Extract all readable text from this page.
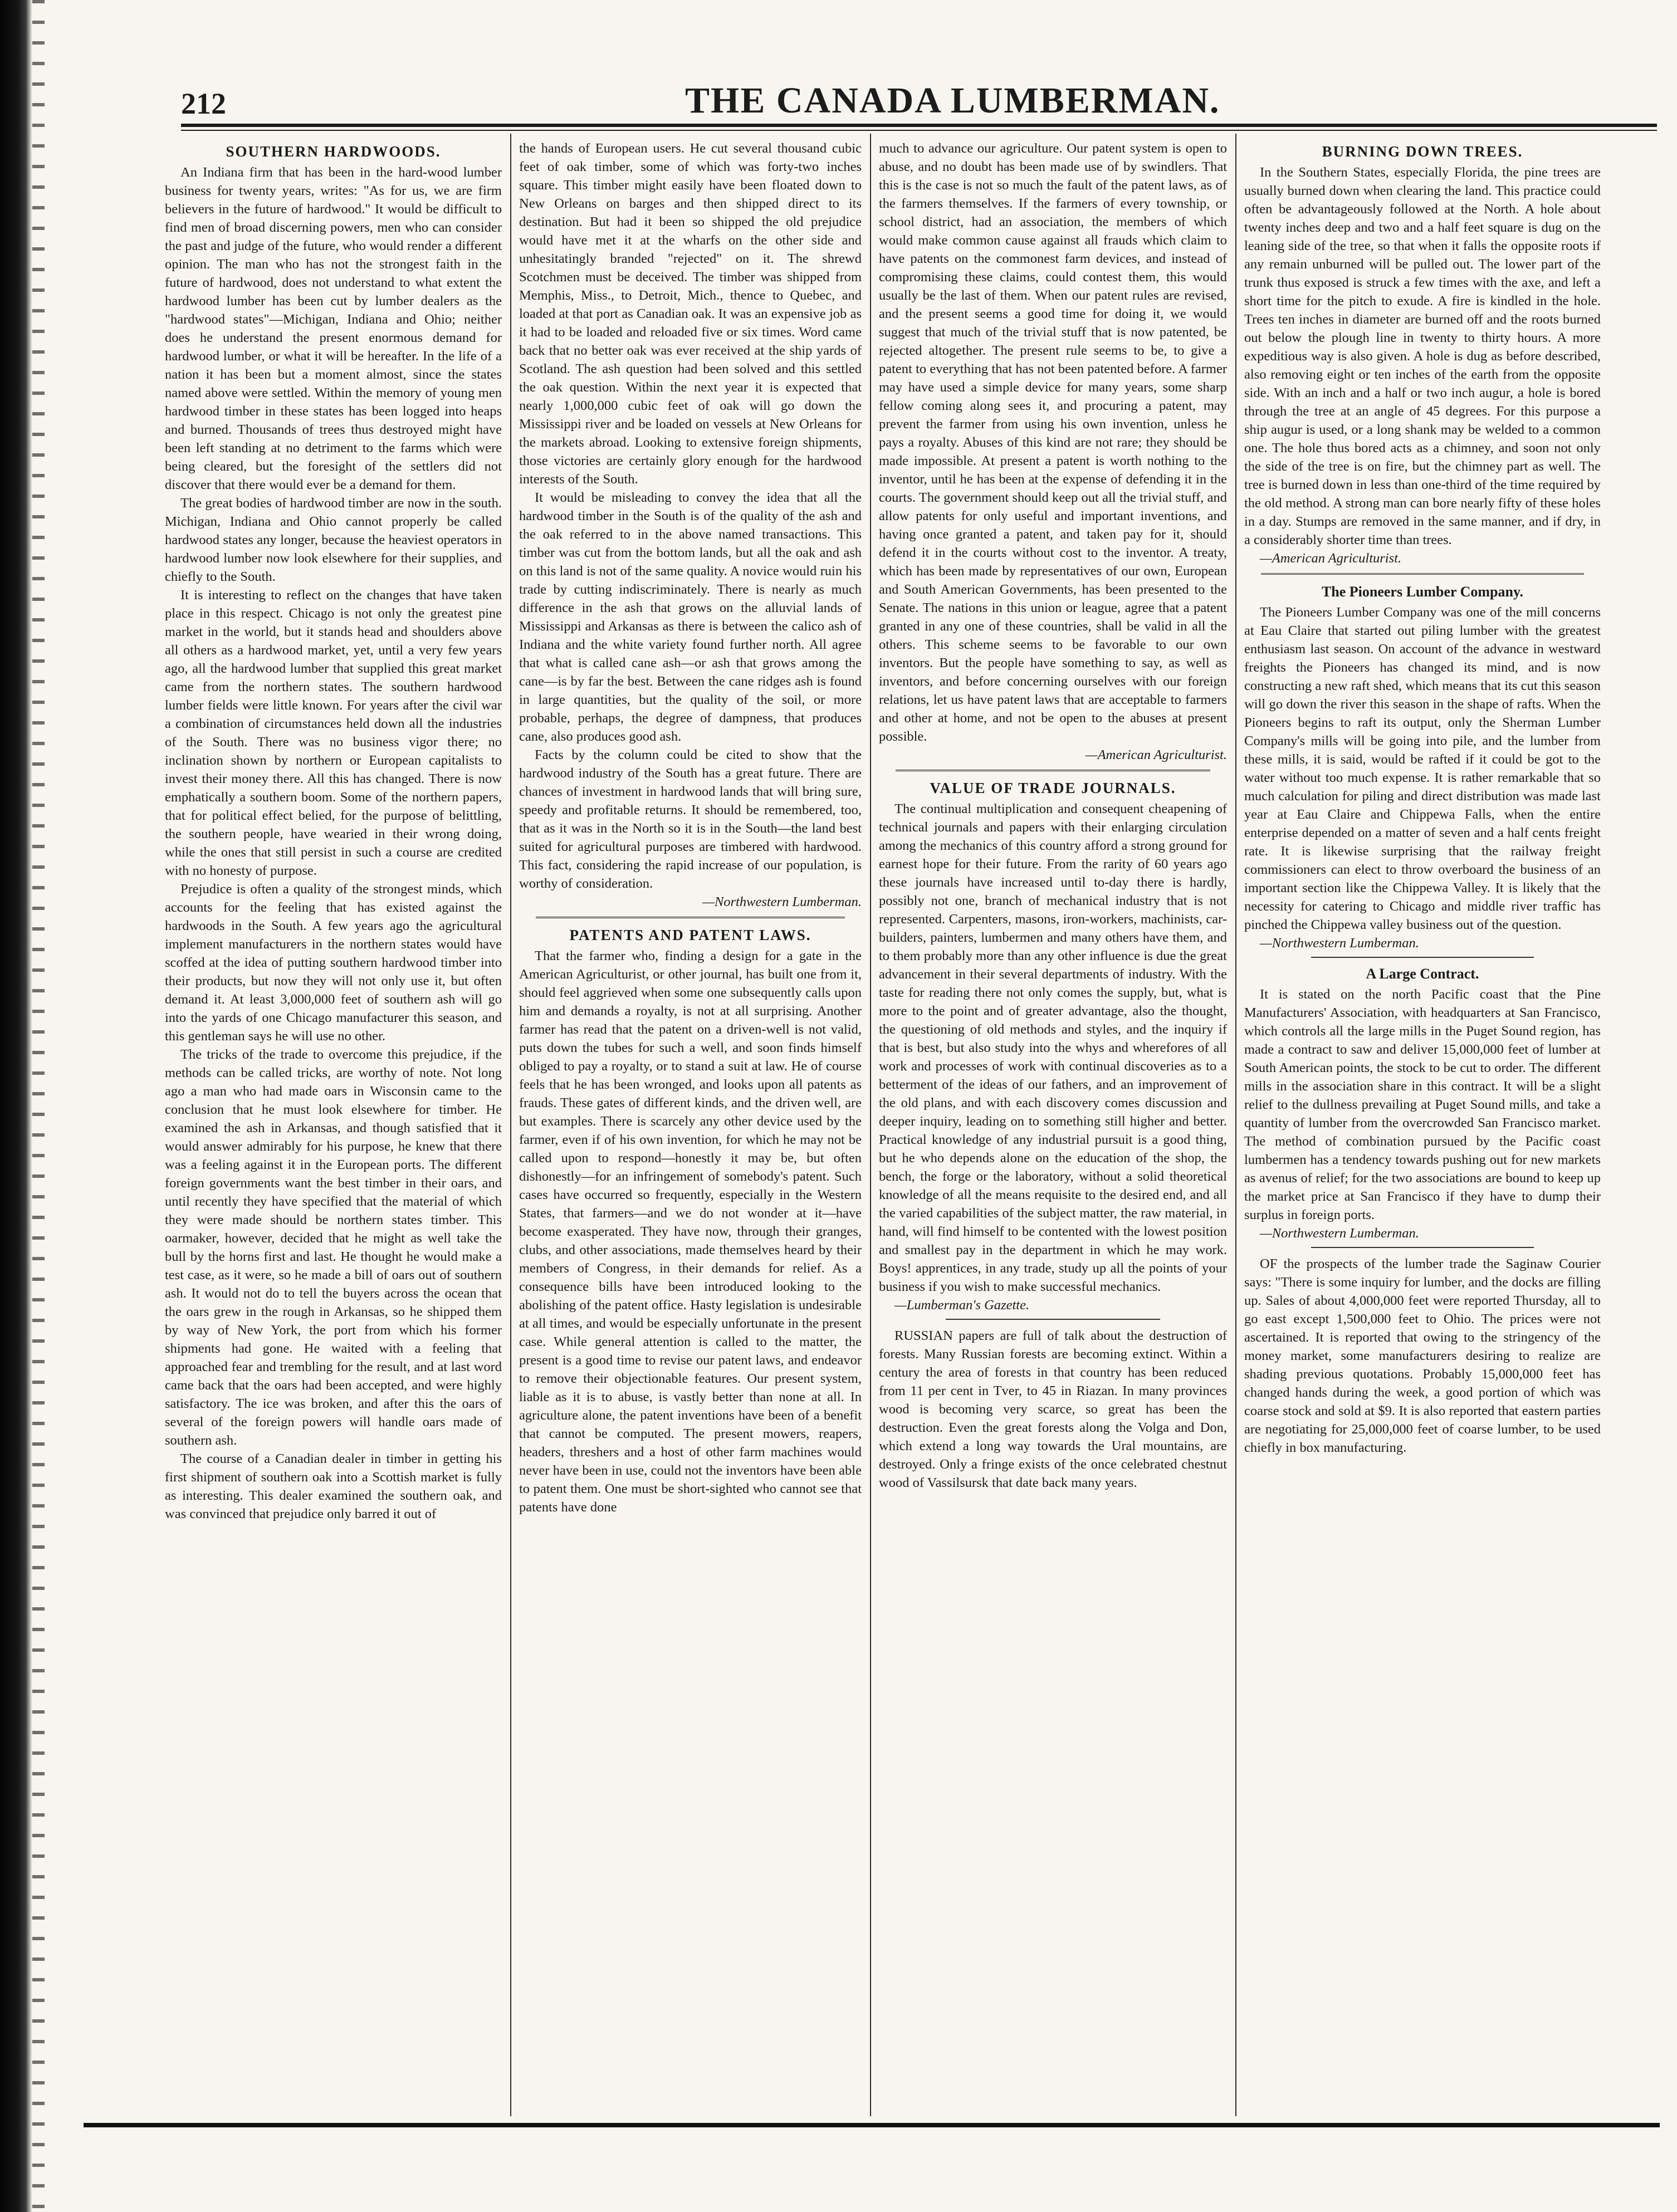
212	THE CANADA LUMBERMAN.
SOUTHERN HARDWOODS.

An Indiana firm that has been in the hard-wood lumber business for twenty years, writes: "As for us, we are firm believers in the future of hardwood." It would be difficult to find men of broad discerning powers, men who can consider the past and judge of the future, who would render a different opinion. The man who has not the strongest faith in the future of hardwood, does not understand to what extent the hardwood lumber has been cut by lumber dealers as the "hardwood states"—Michigan, Indiana and Ohio; neither does he understand the present enormous demand for hardwood lumber, or what it will be hereafter. In the life of a nation it has been but a moment almost, since the states named above were settled. Within the memory of young men hardwood timber in these states has been logged into heaps and burned. Thousands of trees thus destroyed might have been left standing at no detriment to the farms which were being cleared, but the foresight of the settlers did not discover that there would ever be a demand for them.

The great bodies of hardwood timber are now in the south. Michigan, Indiana and Ohio cannot properly be called hardwood states any longer, because the heaviest operators in hardwood lumber now look elsewhere for their supplies, and chiefly to the South.

It is interesting to reflect on the changes that have taken place in this respect. Chicago is not only the greatest pine market in the world, but it stands head and shoulders above all others as a hardwood market, yet, until a very few years ago, all the hardwood lumber that supplied this great market came from the northern states. The southern hardwood lumber fields were little known. For years after the civil war a combination of circumstances held down all the industries of the South. There was no business vigor there; no inclination shown by northern or European capitalists to invest their money there. All this has changed. There is now emphatically a southern boom. Some of the northern papers, that for political effect belied, for the purpose of belittling, the southern people, have wearied in their wrong doing, while the ones that still persist in such a course are credited with no honesty of purpose.

Prejudice is often a quality of the strongest minds, which accounts for the feeling that has existed against the hardwoods in the South. A few years ago the agricultural implement manufacturers in the northern states would have scoffed at the idea of putting southern hardwood timber into their products, but now they will not only use it, but often demand it. At least 3,000,000 feet of southern ash will go into the yards of one Chicago manufacturer this season, and this gentleman says he will use no other.

The tricks of the trade to overcome this prejudice, if the methods can be called tricks, are worthy of note. Not long ago a man who had made oars in Wisconsin came to the conclusion that he must look elsewhere for timber. He examined the ash in Arkansas, and though satisfied that it would answer admirably for his purpose, he knew that there was a feeling against it in the European ports. The different foreign governments want the best timber in their oars, and until recently they have specified that the material of which they were made should be northern states timber. This oarmaker, however, decided that he might as well take the bull by the horns first and last. He thought he would make a test case, as it were, so he made a bill of oars out of southern ash. It would not do to tell the buyers across the ocean that the oars grew in the rough in Arkansas, so he shipped them by way of New York, the port from which his former shipments had gone. He waited with a feeling that approached fear and trembling for the result, and at last word came back that the oars had been accepted, and were highly satisfactory. The ice was broken, and after this the oars of several of the foreign powers will handle oars made of southern ash.

The course of a Canadian dealer in timber in getting his first shipment of southern oak into a Scottish market is fully as interesting. This dealer examined the southern oak, and was convinced that prejudice only barred it out of

the hands of European users. He cut several thousand cubic feet of oak timber, some of which was forty-two inches square. This timber might easily have been floated down to New Orleans on barges and then shipped direct to its destination. But had it been so shipped the old prejudice would have met it at the wharfs on the other side and unhesitatingly branded "rejected" on it. The shrewd Scotchmen must be deceived. The timber was shipped from Memphis, Miss., to Detroit, Mich., thence to Quebec, and loaded at that port as Canadian oak. It was an expensive job as it had to be loaded and reloaded five or six times. Word came back that no better oak was ever received at the ship yards of Scotland. The ash question had been solved and this settled the oak question. Within the next year it is expected that nearly 1,000,000 cubic feet of oak will go down the Mississippi river and be loaded on vessels at New Orleans for the markets abroad. Looking to extensive foreign shipments, those victories are certainly glory enough for the hardwood interests of the South.

It would be misleading to convey the idea that all the hardwood timber in the South is of the quality of the ash and the oak referred to in the above named transactions. This timber was cut from the bottom lands, but all the oak and ash on this land is not of the same quality. A novice would ruin his trade by cutting indiscriminately. There is nearly as much difference in the ash that grows on the alluvial lands of Mississippi and Arkansas as there is between the calico ash of Indiana and the white variety found further north. All agree that what is called cane ash—or ash that grows among the cane—is by far the best. Between the cane ridges ash is found in large quantities, but the quality of the soil, or more probable, perhaps, the degree of dampness, that produces cane, also produces good ash.

Facts by the column could be cited to show that the hardwood industry of the South has a great future. There are chances of investment in hardwood lands that will bring sure, speedy and profitable returns. It should be remembered, too, that as it was in the North so it is in the South—the land best suited for agricultural purposes are timbered with hardwood. This fact, considering the rapid increase of our population, is worthy of consideration.

—Northwestern Lumberman.

PATENTS AND PATENT LAWS.

That the farmer who, finding a design for a gate in the American Agriculturist, or other journal, has built one from it, should feel aggrieved when some one subsequently calls upon him and demands a royalty, is not at all surprising. Another farmer has read that the patent on a driven-well is not valid, puts down the tubes for such a well, and soon finds himself obliged to pay a royalty, or to stand a suit at law. He of course feels that he has been wronged, and looks upon all patents as frauds. These gates of different kinds, and the driven well, are but examples. There is scarcely any other device used by the farmer, even if of his own invention, for which he may not be called upon to respond—honestly it may be, but often dishonestly—for an infringement of somebody's patent. Such cases have occurred so frequently, especially in the Western States, that farmers—and we do not wonder at it—have become exasperated. They have now, through their granges, clubs, and other associations, made themselves heard by their members of Congress, in their demands for relief. As a consequence bills have been introduced looking to the abolishing of the patent office. Hasty legislation is undesirable at all times, and would be especially unfortunate in the present case. While general attention is called to the matter, the present is a good time to revise our patent laws, and endeavor to remove their objectionable features. Our present system, liable as it is to abuse, is vastly better than none at all. In agriculture alone, the patent inventions have been of a benefit that cannot be computed. The present mowers, reapers, headers, threshers and a host of other farm machines would never have been in use, could not the inventors have been able to patent them. One must be short-sighted who cannot see that patents have done

much to advance our agriculture. Our patent system is open to abuse, and no doubt has been made use of by swindlers. That this is the case is not so much the fault of the patent laws, as of the farmers themselves. If the farmers of every township, or school district, had an association, the members of which would make common cause against all frauds which claim to have patents on the commonest farm devices, and instead of compromising these claims, could contest them, this would usually be the last of them. When our patent rules are revised, and the present seems a good time for doing it, we would suggest that much of the trivial stuff that is now patented, be rejected altogether. The present rule seems to be, to give a patent to everything that has not been patented before. A farmer may have used a simple device for many years, some sharp fellow coming along sees it, and procuring a patent, may prevent the farmer from using his own invention, unless he pays a royalty. Abuses of this kind are not rare; they should be made impossible. At present a patent is worth nothing to the inventor, until he has been at the expense of defending it in the courts. The government should keep out all the trivial stuff, and allow patents for only useful and important inventions, and having once granted a patent, and taken pay for it, should defend it in the courts without cost to the inventor. A treaty, which has been made by representatives of our own, European and South American Governments, has been presented to the Senate. The nations in this union or league, agree that a patent granted in any one of these countries, shall be valid in all the others. This scheme seems to be favorable to our own inventors. But the people have something to say, as well as inventors, and before concerning ourselves with our foreign relations, let us have patent laws that are acceptable to farmers and other at home, and not be open to the abuses at present possible.

—American Agriculturist.

VALUE OF TRADE JOURNALS.

The continual multiplication and consequent cheapening of technical journals and papers with their enlarging circulation among the mechanics of this country afford a strong ground for earnest hope for their future. From the rarity of 60 years ago these journals have increased until to-day there is hardly, possibly not one, branch of mechanical industry that is not represented. Carpenters, masons, iron-workers, machinists, car-builders, painters, lumbermen and many others have them, and to them probably more than any other influence is due the great advancement in their several departments of industry. With the taste for reading there not only comes the supply, but, what is more to the point and of greater advantage, also the thought, the questioning of old methods and styles, and the inquiry if that is best, but also study into the whys and wherefores of all work and processes of work with continual discoveries as to a betterment of the ideas of our fathers, and an improvement of the old plans, and with each discovery comes discussion and deeper inquiry, leading on to something still higher and better. Practical knowledge of any industrial pursuit is a good thing, but he who depends alone on the education of the shop, the bench, the forge or the laboratory, without a solid theoretical knowledge of all the means requisite to the desired end, and all the varied capabilities of the subject matter, the raw material, in hand, will find himself to be contented with the lowest position and smallest pay in the department in which he may work. Boys! apprentices, in any trade, study up all the points of your business if you wish to make successful mechanics.

—Lumberman's Gazette.

RUSSIAN papers are full of talk about the destruction of forests. Many Russian forests are becoming extinct. Within a century the area of forests in that country has been reduced from 11 per cent in Tver, to 45 in Riazan. In many provinces wood is becoming very scarce, so great has been the destruction. Even the great forests along the Volga and Don, which extend a long way towards the Ural mountains, are destroyed. Only a fringe exists of the once celebrated chestnut wood of Vassilsursk that date back many years.

BURNING DOWN TREES.

In the Southern States, especially Florida, the pine trees are usually burned down when clearing the land. This practice could often be advantageously followed at the North. A hole about twenty inches deep and two and a half feet square is dug on the leaning side of the tree, so that when it falls the opposite roots if any remain unburned will be pulled out. The lower part of the trunk thus exposed is struck a few times with the axe, and left a short time for the pitch to exude. A fire is kindled in the hole. Trees ten inches in diameter are burned off and the roots burned out below the plough line in twenty to thirty hours. A more expeditious way is also given. A hole is dug as before described, also removing eight or ten inches of the earth from the opposite side. With an inch and a half or two inch augur, a hole is bored through the tree at an angle of 45 degrees. For this purpose a ship augur is used, or a long shank may be welded to a common one. The hole thus bored acts as a chimney, and soon not only the side of the tree is on fire, but the chimney part as well. The tree is burned down in less than one-third of the time required by the old method. A strong man can bore nearly fifty of these holes in a day. Stumps are removed in the same manner, and if dry, in a considerably shorter time than trees.

—American Agriculturist.

The Pioneers Lumber Company.

The Pioneers Lumber Company was one of the mill concerns at Eau Claire that started out piling lumber with the greatest enthusiasm last season. On account of the advance in westward freights the Pioneers has changed its mind, and is now constructing a new raft shed, which means that its cut this season will go down the river this season in the shape of rafts. When the Pioneers begins to raft its output, only the Sherman Lumber Company's mills will be going into pile, and the lumber from these mills, it is said, would be rafted if it could be got to the water without too much expense. It is rather remarkable that so much calculation for piling and direct distribution was made last year at Eau Claire and Chippewa Falls, when the entire enterprise depended on a matter of seven and a half cents freight rate. It is likewise surprising that the railway freight commissioners can elect to throw overboard the business of an important section like the Chippewa Valley. It is likely that the necessity for catering to Chicago and middle river traffic has pinched the Chippewa valley business out of the question.

—Northwestern Lumberman.

A Large Contract.

It is stated on the north Pacific coast that the Pine Manufacturers' Association, with headquarters at San Francisco, which controls all the large mills in the Puget Sound region, has made a contract to saw and deliver 15,000,000 feet of lumber at South American points, the stock to be cut to order. The different mills in the association share in this contract. It will be a slight relief to the dullness prevailing at Puget Sound mills, and take a quantity of lumber from the overcrowded San Francisco market. The method of combination pursued by the Pacific coast lumbermen has a tendency towards pushing out for new markets as avenus of relief; for the two associations are bound to keep up the market price at San Francisco if they have to dump their surplus in foreign ports.

—Northwestern Lumberman.

OF the prospects of the lumber trade the Saginaw Courier says: "There is some inquiry for lumber, and the docks are filling up. Sales of about 4,000,000 feet were reported Thursday, all to go east except 1,500,000 feet to Ohio. The prices were not ascertained. It is reported that owing to the stringency of the money market, some manufacturers desiring to realize are shading previous quotations. Probably 15,000,000 feet has changed hands during the week, a good portion of which was coarse stock and sold at $9. It is also reported that eastern parties are negotiating for 25,000,000 feet of coarse lumber, to be used chiefly in box manufacturing.
